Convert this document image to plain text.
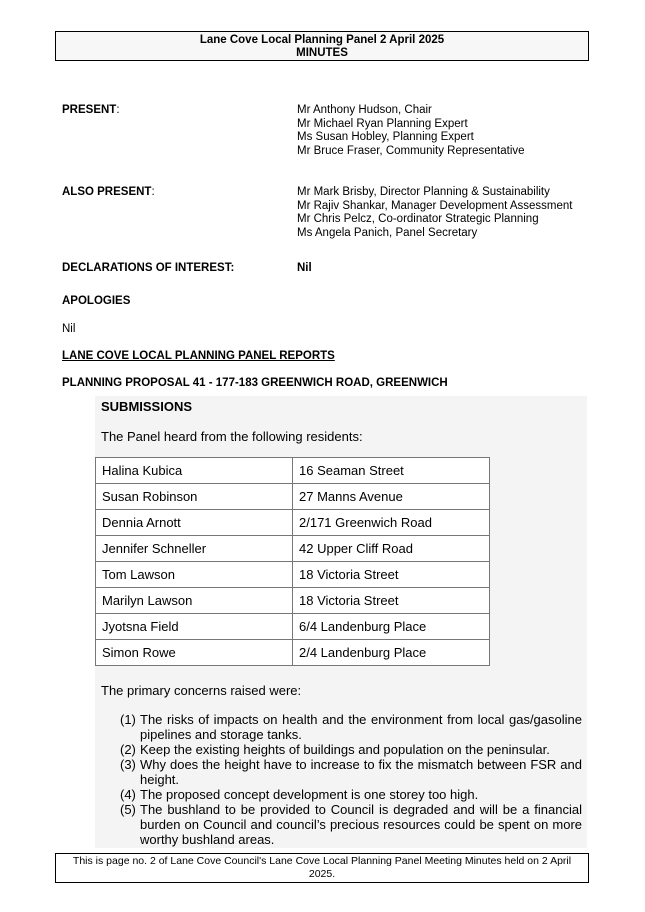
Lane Cove Local Planning Panel 2 April 2025
MINUTES
PRESENT:	Mr Anthony Hudson, Chair
Mr Michael Ryan Planning Expert
Ms Susan Hobley, Planning Expert
Mr Bruce Fraser, Community Representative
ALSO PRESENT:	Mr Mark Brisby, Director Planning & Sustainability
Mr Rajiv Shankar, Manager Development Assessment
Mr Chris Pelcz, Co-ordinator Strategic Planning
Ms Angela Panich, Panel Secretary
DECLARATIONS OF INTEREST:	Nil
APOLOGIES
Nil
LANE COVE LOCAL PLANNING PANEL REPORTS
PLANNING PROPOSAL 41 - 177-183 GREENWICH ROAD, GREENWICH
SUBMISSIONS
The Panel heard from the following residents:
Halina Kubica	16 Seaman Street
Susan Robinson	27 Manns Avenue
Dennia Arnott	2/171 Greenwich Road
Jennifer Schneller	42 Upper Cliff Road
Tom Lawson	18 Victoria Street
Marilyn Lawson	18 Victoria Street
Jyotsna Field	6/4 Landenburg Place
Simon Rowe	2/4 Landenburg Place
The primary concerns raised were:
(1) The risks of impacts on health and the environment from local gas/gasoline pipelines and storage tanks.
(2) Keep the existing heights of buildings and population on the peninsular.
(3) Why does the height have to increase to fix the mismatch between FSR and height.
(4) The proposed concept development is one storey too high.
(5) The bushland to be provided to Council is degraded and will be a financial burden on Council and council’s precious resources could be spent on more worthy bushland areas.
This is page no. 2 of Lane Cove Council's Lane Cove Local Planning Panel Meeting Minutes held on 2 April
2025.
